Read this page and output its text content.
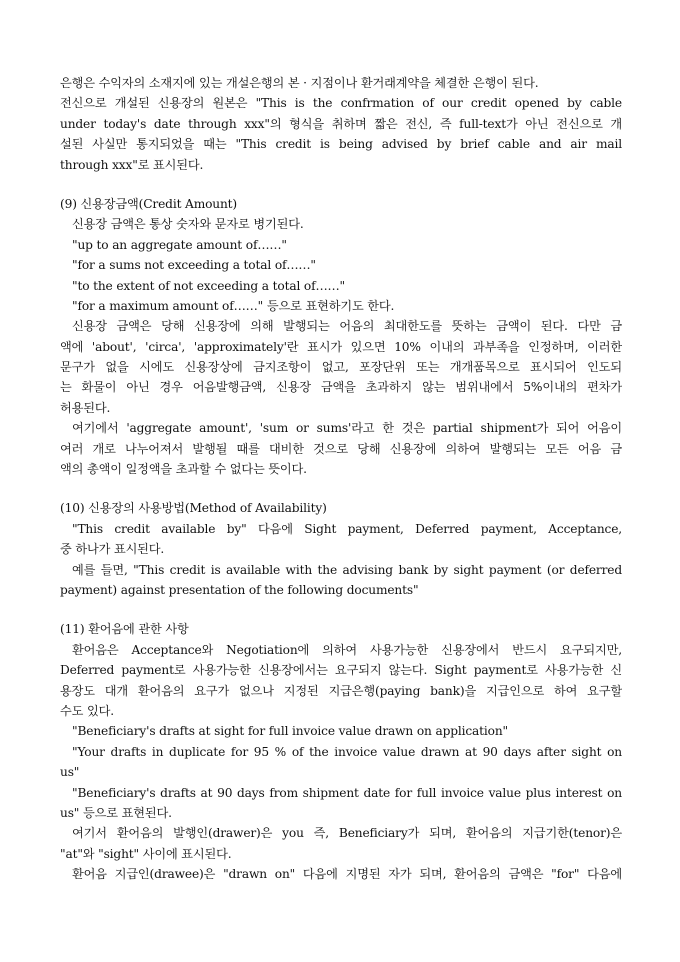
은행은 수익자의 소재지에 있는 개설은행의 본 · 지점이나 환거래계약을 체결한 은행이 된다.
전신으로 개설된 신용장의 원본은 "This is the confrmation of our credit opened by cable
under today's date through xxx"의 형식을 취하며 짧은 전신, 즉 full-text가 아닌 전신으로 개
설된 사실만 통지되었을 때는 "This credit is being advised by brief cable and air mail
through xxx"로 표시된다.
(9) 신용장금액(Credit Amount)
신용장 금액은 통상 숫자와 문자로 병기된다.
"up to an aggregate amount of……"
"for a sums not exceeding a total of……"
"to the extent of not exceeding a total of……"
"for a maximum amount of……" 등으로 표현하기도 한다.
신용장 금액은 당해 신용장에 의해 발행되는 어음의 최대한도를 뜻하는 금액이 된다. 다만 금
액에 'about', 'circa', 'approximately'란 표시가 있으면 10% 이내의 과부족을 인정하며, 이러한
문구가 없을 시에도 신용장상에 금지조항이 없고, 포장단위 또는 개개품목으로 표시되어 인도되
는 화물이 아닌 경우 어음발행금액, 신용장 금액을 초과하지 않는 범위내에서 5%이내의 편차가
허용된다.
여기에서 'aggregate amount', 'sum or sums'라고 한 것은 partial shipment가 되어 어음이
여러 개로 나누어져서 발행될 때를 대비한 것으로 당해 신용장에 의하여 발행되는 모든 어음 금
액의 총액이 일정액을 초과할 수 없다는 뜻이다.
(10) 신용장의 사용방법(Method of Availability)
"This credit available by" 다음에 Sight payment, Deferred payment, Acceptance,
중 하나가 표시된다.
예를 들면, "This credit is available with the advising bank by sight payment (or deferred
payment) against presentation of the following documents"
(11) 환어음에 관한 사항
환어음은 Acceptance와 Negotiation에 의하여 사용가능한 신용장에서 반드시 요구되지만,
Deferred payment로 사용가능한 신용장에서는 요구되지 않는다. Sight payment로 사용가능한 신
용장도 대개 환어음의 요구가 없으나 지정된 지급은행(paying bank)을 지급인으로 하여 요구할
수도 있다.
"Beneficiary's drafts at sight for full invoice value drawn on application"
"Your drafts in duplicate for 95 % of the invoice value drawn at 90 days after sight on
us"
"Beneficiary's drafts at 90 days from shipment date for full invoice value plus interest on
us" 등으로 표현된다.
여기서 환어음의 발행인(drawer)은 you 즉, Beneficiary가 되며, 환어음의 지급기한(tenor)은
"at"와 "sight" 사이에 표시된다.
환어음 지급인(drawee)은 "drawn on" 다음에 지명된 자가 되며, 환어음의 금액은 "for" 다음에
